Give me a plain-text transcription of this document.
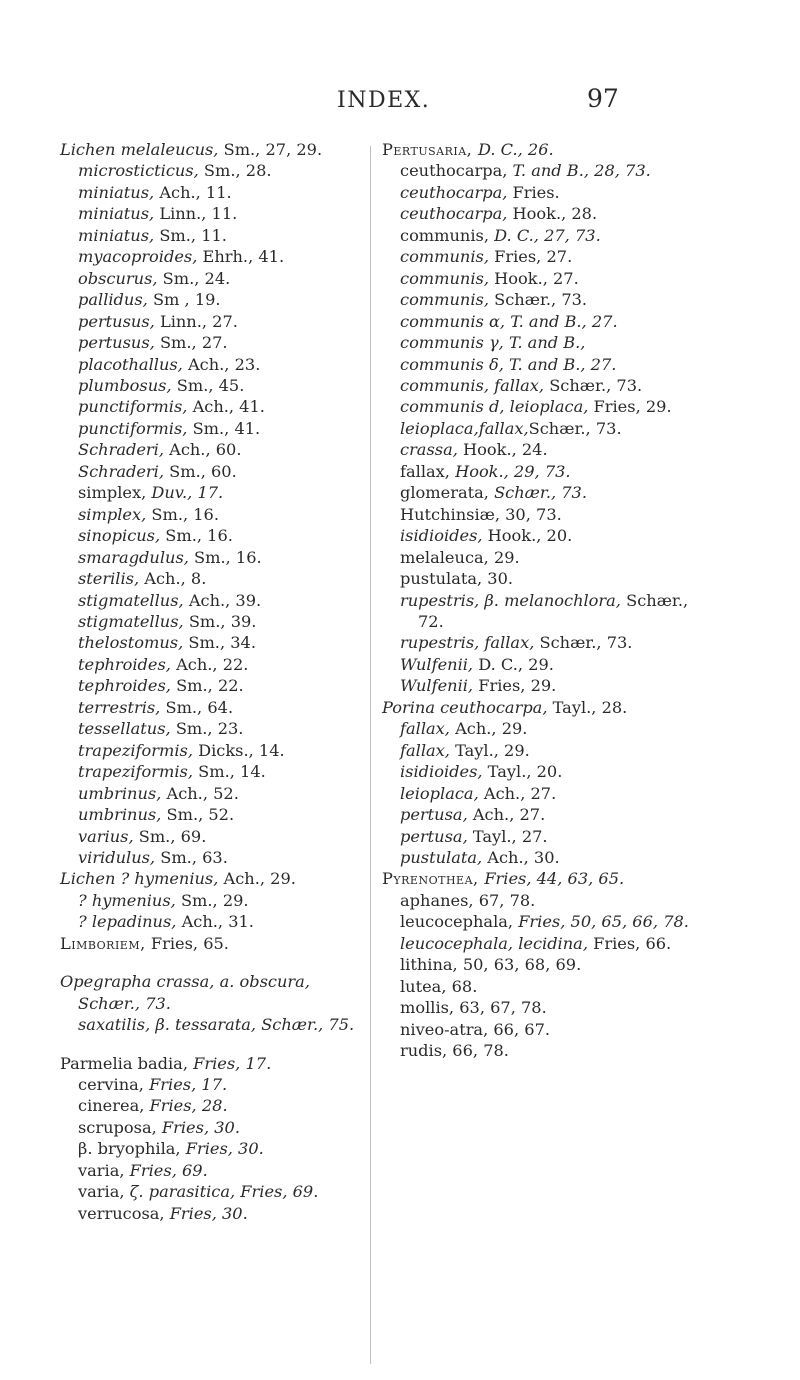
INDEX.	97

Lichen melaleucus, Sm., 27, 29.

microsticticus, Sm., 28.

miniatus, Ach., 11.

miniatus, Linn., 11.

miniatus, Sm., 11.

myacoproides, Ehrh., 41.

obscurus, Sm., 24.

pallidus, Sm , 19.

pertusus, Linn., 27.

pertusus, Sm., 27.

placothallus, Ach., 23.

plumbosus, Sm., 45.

punctiformis, Ach., 41.

punctiformis, Sm., 41.

Schraderi, Ach., 60.

Schraderi, Sm., 60.

simplex, Duv., 17.

simplex, Sm., 16.

sinopicus, Sm., 16.

smaragdulus, Sm., 16.

sterilis, Ach., 8.

stigmatellus, Ach., 39.

stigmatellus, Sm., 39.

thelostomus, Sm., 34.

tephroides, Ach., 22.

tephroides, Sm., 22.

terrestris, Sm., 64.

tessellatus, Sm., 23.

trapeziformis, Dicks., 14.

trapeziformis, Sm., 14.

umbrinus, Ach., 52.

umbrinus, Sm., 52.

varius, Sm., 69.

viridulus, Sm., 63.

Lichen ? hymenius, Ach., 29.

? hymenius, Sm., 29.

? lepadinus, Ach., 31.

Limboriem, Fries, 65.

Opegrapha crassa, a. obscura, Schær., 73.

saxatilis, β. tessarata, Schær., 75.

Parmelia badia, Fries, 17.

cervina, Fries, 17.

cinerea, Fries, 28.

scruposa, Fries, 30.

β. bryophila, Fries, 30.

varia, Fries, 69.

varia, ζ. parasitica, Fries, 69.

verrucosa, Fries, 30.

Pertusaria, D. C., 26.

ceuthocarpa, T. and B., 28, 73.

ceuthocarpa, Fries.

ceuthocarpa, Hook., 28.

communis, D. C., 27, 73.

communis, Fries, 27.

communis, Hook., 27.

communis, Schær., 73.

communis α, T. and B., 27.

communis γ, T. and B.,

communis δ, T. and B., 27.

communis, fallax, Schær., 73.

communis d, leioplaca, Fries, 29.

leioplaca,fallax,Schær., 73.

crassa, Hook., 24.

fallax, Hook., 29, 73.

glomerata, Schær., 73.

Hutchinsiæ, 30, 73.

isidioides, Hook., 20.

melaleuca, 29.

pustulata, 30.

rupestris, β. melanochlora, Schær., 72.

rupestris, fallax, Schær., 73.

Wulfenii, D. C., 29.

Wulfenii, Fries, 29.

Porina ceuthocarpa, Tayl., 28.

fallax, Ach., 29.

fallax, Tayl., 29.

isidioides, Tayl., 20.

leioplaca, Ach., 27.

pertusa, Ach., 27.

pertusa, Tayl., 27.

pustulata, Ach., 30.

Pyrenothea, Fries, 44, 63, 65.

aphanes, 67, 78.

leucocephala, Fries, 50, 65, 66, 78.

leucocephala, lecidina, Fries, 66.

lithina, 50, 63, 68, 69.

lutea, 68.

mollis, 63, 67, 78.

niveo-atra, 66, 67.

rudis, 66, 78.
